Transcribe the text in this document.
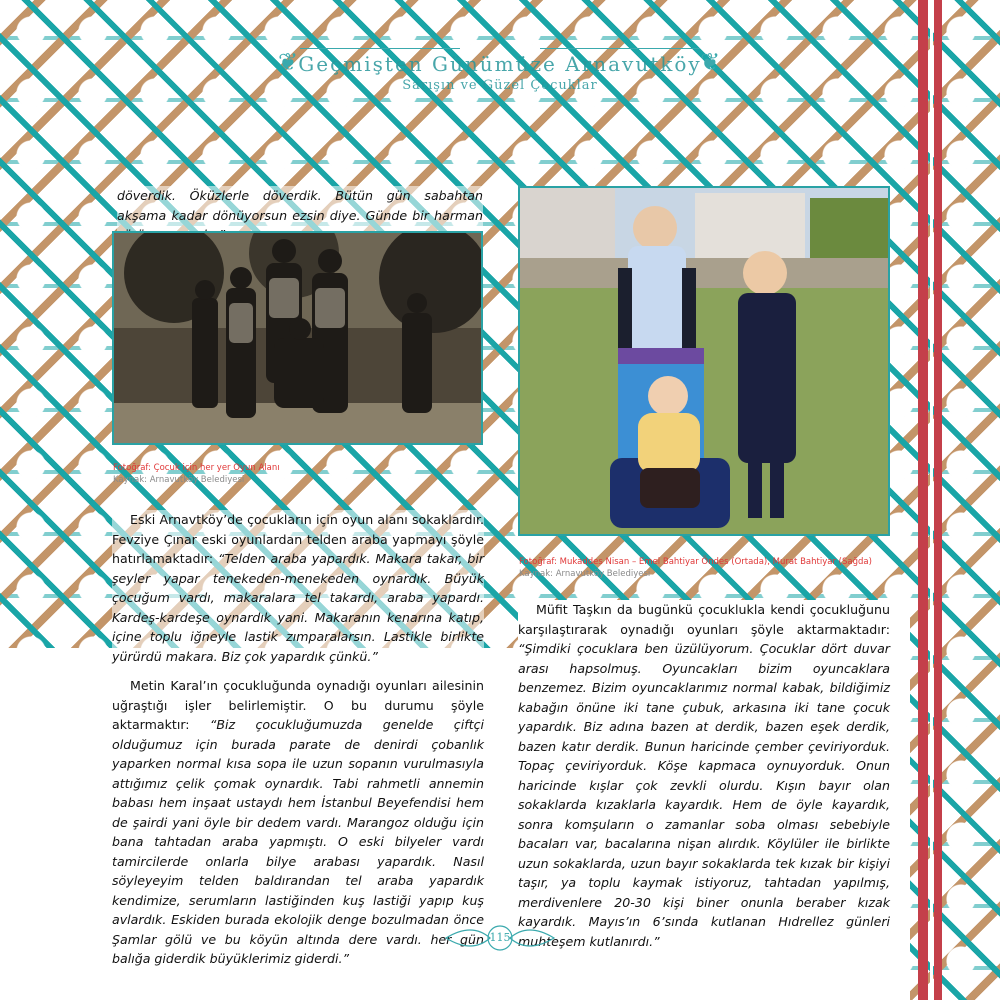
Geçmişten Günümüze Arnavutköy
Sarışın ve Güzel Çocuklar
❦	❦
döverdik. Öküzlerle döverdik. Bütün gün sabahtan akşama kadar dönüyorsun ezsin diye. Günde bir harman
Fotoğraf: Çocuk için her yer Oyun Alanı
Kaynak: Arnavutköy Belediyesi
Fotoğraf: Mukaddes Nisan – Emel Bahtiyar Öndes (Ortada), Murat Bahtiyar (Sağda)
Kaynak: Arnavutköy Belediyesi

Eski Arnavtköy’de çocukların için oyun alanı sokaklardır. Fevziye Çınar eski oyunlardan telden araba yapmayı şöyle hatırlamaktadır: “Telden araba yapardık. Makara takar, bir şeyler yapar tenekeden-menekeden oynardık. Büyük çocuğum vardı, makaralara tel takardı, araba yapardı. Kardeş-kardeşe oynardık yani. Makaranın kenarına katıp, içine toplu iğneyle lastik zımparalarsın. Lastikle birlikte yürürdü makara. Biz çok yapardık çünkü.”

Metin Karal’ın çocukluğunda oynadığı oyunları ailesinin uğraştığı işler belirlemiştir. O bu durumu şöyle aktarmaktır: “Biz çocukluğumuzda genelde çiftçi olduğumuz için burada parate de denirdi çobanlık yaparken normal kısa sopa ile uzun sopanın vurulmasıyla attığımız çelik çomak oynardık. Tabi rahmetli annemin babası hem inşaat ustaydı hem İstanbul Beyefendisi hem de şairdi yani öyle bir dedem vardı. Marangoz olduğu için bana tahtadan araba yapmıştı. O eski bilyeler vardı tamircilerde onlarla bilye arabası yapardık. Nasıl söyleyeyim telden baldırandan tel araba yapardık kendimize, serumların lastiğinden kuş lastiği yapıp kuş avlardık. Eskiden burada ekolojik denge bozulmadan önce Şamlar gölü ve bu köyün altında dere vardı. her gün balığa giderdik büyüklerimiz giderdi.”

Müfit Taşkın da bugünkü çocuklukla kendi çocukluğunu karşılaştırarak oynadığı oyunları şöyle aktarmaktadır: “Şimdiki çocuklara ben üzülüyorum. Çocuklar dört duvar arası hapsolmuş. Oyuncakları bizim oyuncaklara benzemez. Bizim oyuncaklarımız normal kabak, bildiğimiz kabağın önüne iki tane çubuk, arkasına iki tane çocuk yapardık. Biz adına bazen at derdik, bazen eşek derdik, bazen katır derdik. Bunun haricinde çember çeviriyorduk. Topaç çeviriyorduk. Köşe kapmaca oynuyorduk. Onun haricinde kışlar çok zevkli olurdu. Kışın bayır olan sokaklarda kızaklarla kayardık. Hem de öyle kayardık, sonra komşuların o zamanlar soba olması sebebiyle bacaları var, bacalarına nişan alırdık. Köylüler ile birlikte uzun sokaklarda, uzun bayır sokaklarda tek kızak bir kişiyi taşır, ya toplu kaymak istiyoruz, tahtadan yapılmış, merdivenlere 20-30 kişi biner onunla beraber kızak kayardık. Mayıs’ın 6’sında kutlanan Hıdrellez günleri muhteşem kutlanırdı.”

115
